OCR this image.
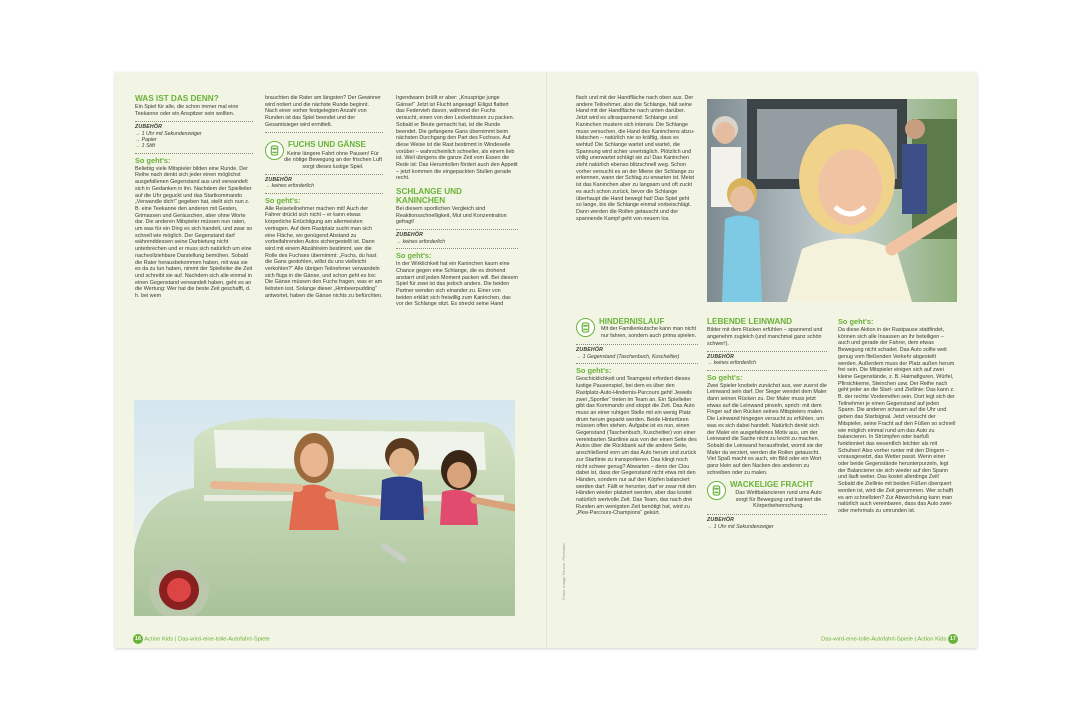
WAS IST DAS DENN?

Ein Spiel für alle, die schon immer mal eine Teekanne oder ein Anspitzer sein wollten.

ZUBEHÖR
→ 1 Uhr mit Sekundenzeiger
→ Papier
→ 1 Stift
So geht's:

Beliebig viele Mitspieler bilden eine Runde. Der Reihe nach denkt sich jeder einen möglichst ausgefallenen Gegenstand aus und verwandelt sich in Gedanken in ihn. Nachdem der Spielleiter auf die Uhr geguckt und das Startkommando „Verwandle dich!“ gegeben hat, stellt sich nun z. B. eine Teekanne den anderen mit Gesten, Grimassen und Geräuschen, aber ohne Worte dar. Die anderen Mitspieler müssen nun raten, um was für ein Ding es sich handelt, und zwar so schnell wie möglich. Der Gegenstand darf währenddessen seine Darbietung nicht unterbrechen und er muss sich natürlich um eine nachvollziehbare Darstellung bemühen. Sobald die Rater herausbekommen haben, mit was sie es da zu tun haben, nimmt der Spielleiter die Zeit und schreibt sie auf. Nachdem sich alle einmal in einen Gegenstand verwandelt haben, geht es an die Wertung: Wer hat die beste Zeit geschafft, d. h. bei wem

brauchten die Rater am längsten? Der Gewinner wird notiert und die nächste Runde beginnt. Nach einer vorher festgelegten Anzahl von Runden ist das Spiel beendet und der Gesamtsieger wird ermittelt.

FUCHS UND GÄNSE

Keine längere Fahrt ohne Pausen! Für die nötige Bewegung an der frischen Luft sorgt dieses lustige Spiel.

ZUBEHÖR
→ keines erforderlich
So geht's:

Alle Reiseteilnehmer machen mit! Auch der Fahrer drückt sich nicht – er kann etwas körperliche Ertüchtigung am allermeisten vertragen. Auf dem Rastplatz sucht man sich eine Fläche, wo genügend Abstand zu vorbeifahrenden Autos sichergestellt ist. Dann wird mit einem Abzählreim bestimmt, wer die Rolle des Fuchses übernimmt: „Fuchs, du hast die Gans gestohlen, willst du uns vielleicht verkohlen?“ Alle übrigen Teilnehmer verwandeln sich flugs in die Gänse, und schon geht es los: Die Gänse müssen den Fuchs fragen, was er am liebsten isst. Solange dieser „Himbeerpudding“ antwortet, haben die Gänse nichts zu befürchten.

Irgendwann brüllt er aber: „Knusprige junge Gänse!“ Jetzt ist Flucht angesagt! Eiligst flattert das Federvieh davon, während der Fuchs versucht, einen von den Leckerbissen zu packen. Sobald er Beute gemacht hat, ist die Runde beendet. Die gefangene Gans übernimmt beim nächsten Durchgang den Part des Fuchses. Auf diese Weise ist die Rast bestimmt in Windeseile vorüber – wahrscheinlich schneller, als einem lieb ist. Weil übrigens die ganze Zeit vom Essen die Rede ist: Das Herumtollen fördert auch den Appetit – jetzt kommen die eingepackten Stullen gerade recht.

SCHLANGE UND KANINCHEN

Bei diesem sportlichen Vergleich sind Reaktionsschnelligkeit, Mut und Konzentration gefragt!

ZUBEHÖR
→ keines erforderlich
So geht's:

In der Wirklichkeit hat ein Kaninchen kaum eine Chance gegen eine Schlange, die es drohend anstarrt und jeden Moment packen will. Bei diesem Spiel für zwei ist das jedoch anders. Die beiden Partner wenden sich einander zu. Einer von beiden erklärt sich freiwillig zum Kaninchen, das vor der Schlange sitzt. Es streckt seine Hand

Fotos: Image Source, Photodisc

flach und mit der Handfläche nach oben aus. Der andere Teilnehmer, also die Schlange, hält seine Hand mit der Handfläche nach unten darüber. Jetzt wird es ultraspannend: Schlange und Kaninchen mustern sich intensiv. Die Schlange muss versuchen, die Hand des Kaninchens abzuklatschen – natürlich nie so kräftig, dass es wehtut! Die Schlange wartet und wartet, die Spannung wird schier unerträglich. Plötzlich und völlig unerwartet schlägt sie zu! Das Kaninchen zieht natürlich ebenso blitzschnell weg. Schon vorher versucht es an der Miene der Schlange zu erkennen, wann der Schlag zu erwarten ist. Meist ist das Kaninchen aber zu langsam und oft zuckt es auch schon zurück, bevor die Schlange überhaupt die Hand bewegt hat! Das Spiel geht so lange, bis die Schlange einmal vorbeischlägt. Dann werden die Rollen getauscht und der spannende Kampf geht von neuem los.

HINDERNISLAUF

Mit der Familienkutsche kann man nicht nur fahren, sondern auch prima spielen.

ZUBEHÖR
→ 1 Gegenstand (Taschenbuch, Kuscheltier)
So geht's:

Geschicklichkeit und Teamgeist erfordert dieses lustige Pausenspiel, bei dem es über den Rastplatz-Auto-Hindernis-Parcours geht! Jeweils zwei „Sportler“ treten im Team an. Ein Spielleiter gibt das Kommando und stoppt die Zeit. Das Auto muss an einer ruhigen Stelle mit ein wenig Platz drum herum geparkt werden. Beide Hintertüren müssen offen stehen. Aufgabe ist es nun, einen Gegenstand (Taschenbuch, Kuscheltier) von einer vereinbarten Startlinie aus von der einen Seite des Autos über die Rückbank auf die andere Seite, anschließend vorn um das Auto herum und zurück zur Startlinie zu transportieren. Das klingt noch nicht schwer genug? Abwarten – denn der Clou dabei ist, dass der Gegenstand nicht etwa mit den Händen, sondern nur auf den Köpfen balanciert werden darf. Fällt er herunter, darf er zwar mit den Händen wieder platziert werden, aber das kostet natürlich wertvolle Zeit. Das Team, das nach drei Runden am wenigsten Zeit benötigt hat, wird zu „Pkw-Parcours-Champions“ gekürt.

LEBENDE LEINWAND

Bilder mit dem Rücken erfühlen – spannend und angenehm zugleich (und manchmal ganz schön schwer!).

ZUBEHÖR
→ keines erforderlich
So geht's:

Zwei Spieler knobeln zunächst aus, wer zuerst die Leinwand sein darf. Der Sieger wendet dem Maler dann seinen Rücken zu. Der Maler muss jetzt etwas auf die Leinwand pinseln, sprich: mit dem Finger auf den Rücken seines Mitspielers malen. Die Leinwand hingegen versucht zu erfühlen, um was es sich dabei handelt. Natürlich denkt sich der Maler ein ausgefallenes Motiv aus, um der Leinwand die Sache nicht zu leicht zu machen. Sobald die Leinwand herausfindet, womit sie der Maler da verziert, werden die Rollen getauscht. Viel Spaß macht es auch, ein Bild oder ein Wort ganz klein auf den Nacken des anderen zu schreiben oder zu malen.

WACKELIGE FRACHT

Das Wettbalancieren rund ums Auto sorgt für Bewegung und trainiert die Körperbeherrschung.

ZUBEHÖR
→ 1 Uhr mit Sekundenzeiger
So geht's:

Da diese Aktion in der Rastpause stattfindet, können sich alle Insassen an ihr beteiligen – auch und gerade der Fahrer, dem etwas Bewegung nicht schadet. Das Auto sollte weit genug vom fließenden Verkehr abgestellt werden. Außerdem muss der Platz außen herum frei sein. Die Mitspieler einigen sich auf zwei kleine Gegenstände, z. B. Haimafiguren, Würfel, Pfirsichkerne, Steinchen usw. Der Reihe nach geht jeder an die Start- und Ziellinie: Das kann z. B. der rechte Vorderreifen sein. Dort legt sich der Teilnehmer je einen Gegenstand auf jeden Spann. Die anderen schauen auf die Uhr und geben das Startsignal. Jetzt versucht der Mitspieler, seine Fracht auf den Füßen so schnell wie möglich einmal rund um das Auto zu balancieren. In Strümpfen oder barfuß funktioniert das wesentlich leichter als mit Schuhen! Also vorher runter mit den Dingern – vorausgesetzt, das Wetter passt. Wenn einer oder beide Gegenstände herunterpurzeln, legt der Balancierer sie sich wieder auf den Spann und läuft weiter. Das kostet allerdings Zeit! Sobald die Ziellinie mit beiden Füßen überquert worden ist, wird die Zeit genommen. Wer schafft es am schnellsten? Zur Abwechslung kann man natürlich auch vereinbaren, dass das Auto zwei- oder mehrmals zu umrunden ist.

16 Action Kids | Das-wird-eine-tolle-Autofahrt-Spiele	Das-wird-eine-tolle-Autofahrt-Spiele | Action Kids 17
